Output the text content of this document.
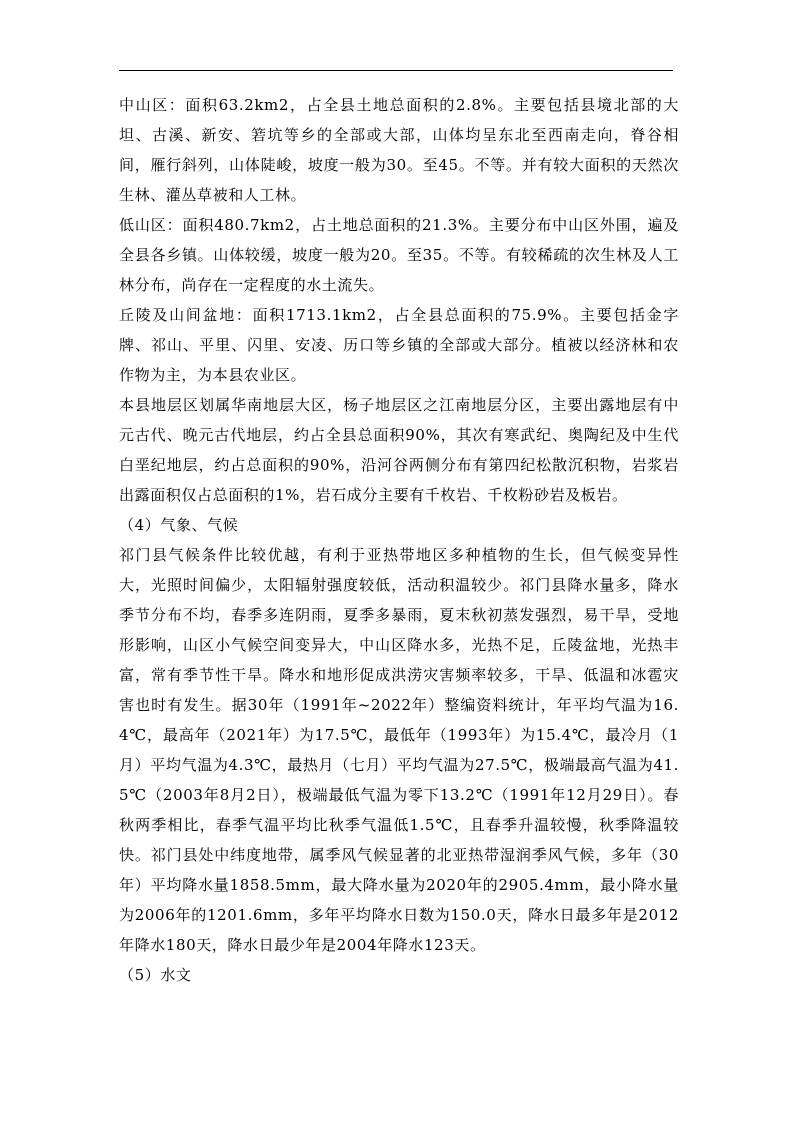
中山区：面积63.2km2，占全县土地总面积的2.8%。主要包括县境北部的大坦、古溪、新安、箬坑等乡的全部或大部，山体均呈东北至西南走向，脊谷相间，雁行斜列，山体陡峻，坡度一般为30。至45。不等。并有较大面积的天然次生林、灌丛草被和人工林。

低山区：面积480.7km2，占土地总面积的21.3%。主要分布中山区外围，遍及全县各乡镇。山体较缓，坡度一般为20。至35。不等。有较稀疏的次生林及人工林分布，尚存在一定程度的水土流失。

丘陵及山间盆地：面积1713.1km2，占全县总面积的75.9%。主要包括金字牌、祁山、平里、闪里、安凌、历口等乡镇的全部或大部分。植被以经济林和农作物为主，为本县农业区。

本县地层区划属华南地层大区，杨子地层区之江南地层分区，主要出露地层有中元古代、晚元古代地层，约占全县总面积90%，其次有寒武纪、奥陶纪及中生代白垩纪地层，约占总面积的90%，沿河谷两侧分布有第四纪松散沉积物，岩浆岩出露面积仅占总面积的1%，岩石成分主要有千枚岩、千枚粉砂岩及板岩。

（4）气象、气候

祁门县气候条件比较优越，有利于亚热带地区多种植物的生长，但气候变异性大，光照时间偏少，太阳辐射强度较低，活动积温较少。祁门县降水量多，降水季节分布不均，春季多连阴雨，夏季多暴雨，夏末秋初蒸发强烈，易干旱，受地形影响，山区小气候空间变异大，中山区降水多，光热不足，丘陵盆地，光热丰富，常有季节性干旱。降水和地形促成洪涝灾害频率较多，干旱、低温和冰雹灾害也时有发生。据30年（1991年~2022年）整编资料统计，年平均气温为16.4℃，最高年（2021年）为17.5℃，最低年（1993年）为15.4℃，最冷月（1月）平均气温为4.3℃，最热月（七月）平均气温为27.5℃，极端最高气温为41.5℃（2003年8月2日），极端最低气温为零下13.2℃（1991年12月29日）。春秋两季相比，春季气温平均比秋季气温低1.5℃，且春季升温较慢，秋季降温较快。祁门县处中纬度地带，属季风气候显著的北亚热带湿润季风气候，多年（30年）平均降水量1858.5mm，最大降水量为2020年的2905.4mm，最小降水量为2006年的1201.6mm，多年平均降水日数为150.0天，降水日最多年是2012年降水180天，降水日最少年是2004年降水123天。

（5）水文
